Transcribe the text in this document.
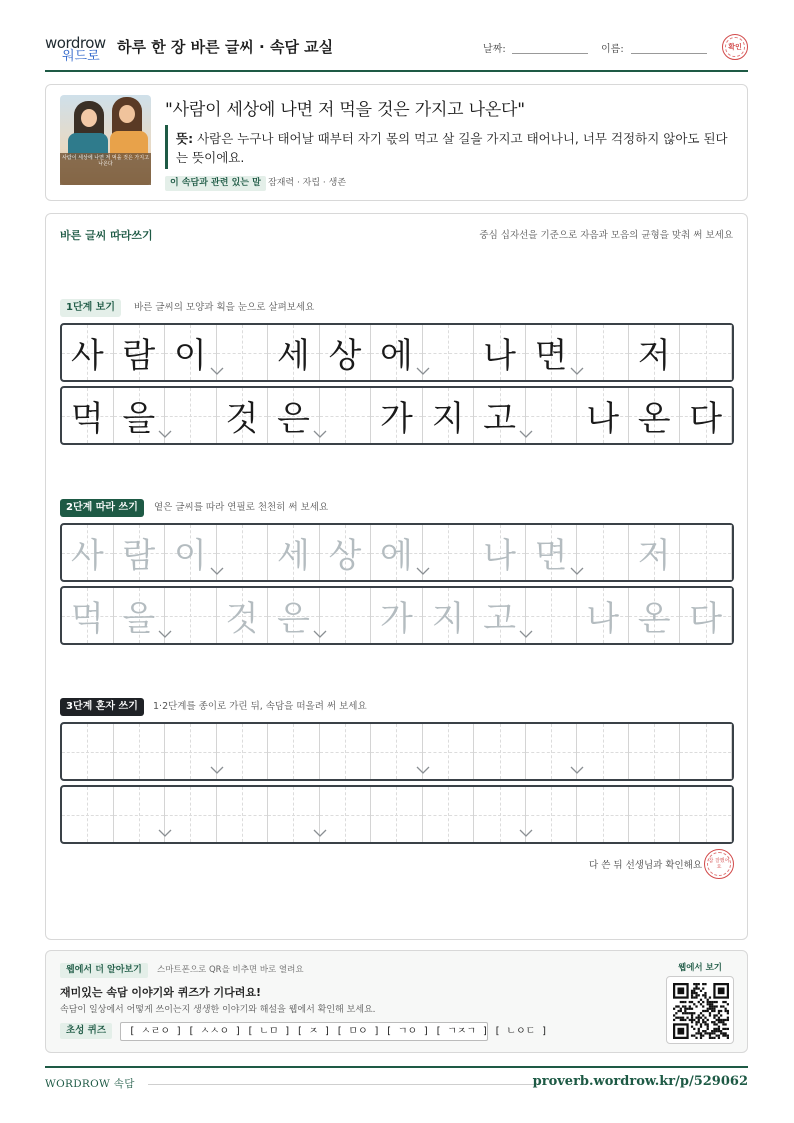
wordrow
워드로
하루 한 장 바른 글씨 · 속담 교실	날짜:	이름:	확인
사람이 세상에 나면 저 먹을 것은 가지고 나온다
"사람이 세상에 나면 저 먹을 것은 가지고 나온다"
뜻: 사람은 누구나 태어날 때부터 자기 몫의 먹고 살 길을 가지고 태어나니, 너무 걱정하지 않아도 된다는 뜻이에요.
이 속담과 관련 있는 말 잠재력 · 자립 · 생존
바른 글씨 따라쓰기	중심 십자선을 기준으로 자음과 모음의 균형을 맞춰 써 보세요
1단계 보기	바른 글씨의 모양과 획을 눈으로 살펴보세요
사 람 이 세 상 에 나 면 저
먹 을 것 은 가 지 고 나 온 다
2단계 따라 쓰기	옅은 글씨를 따라 연필로 천천히 써 보세요
사 람 이 세 상 에 나 면 저
먹 을 것 은 가 지 고 나 온 다
3단계 혼자 쓰기	1·2단계를 종이로 가린 뒤, 속담을 떠올려 써 보세요
다 쓴 뒤 선생님과 확인해요 참 잘했어요
웹에서 더 알아보기	스마트폰으로 QR을 비추면 바로 열려요
재미있는 속담 이야기와 퀴즈가 기다려요!
속담이 일상에서 어떻게 쓰이는지 생생한 이야기와 해설을 웹에서 확인해 보세요.
초성 퀴즈	[ ㅅㄹㅇ ] [ ㅅㅅㅇ ] [ ㄴㅁ ] [ ㅈ ] [ ㅁㅇ ] [ ㄱㅇ ] [ ㄱㅈㄱ ] [ ㄴㅇㄷ ]
웹에서 보기
WORDROW 속담	proverb.wordrow.kr/p/529062
